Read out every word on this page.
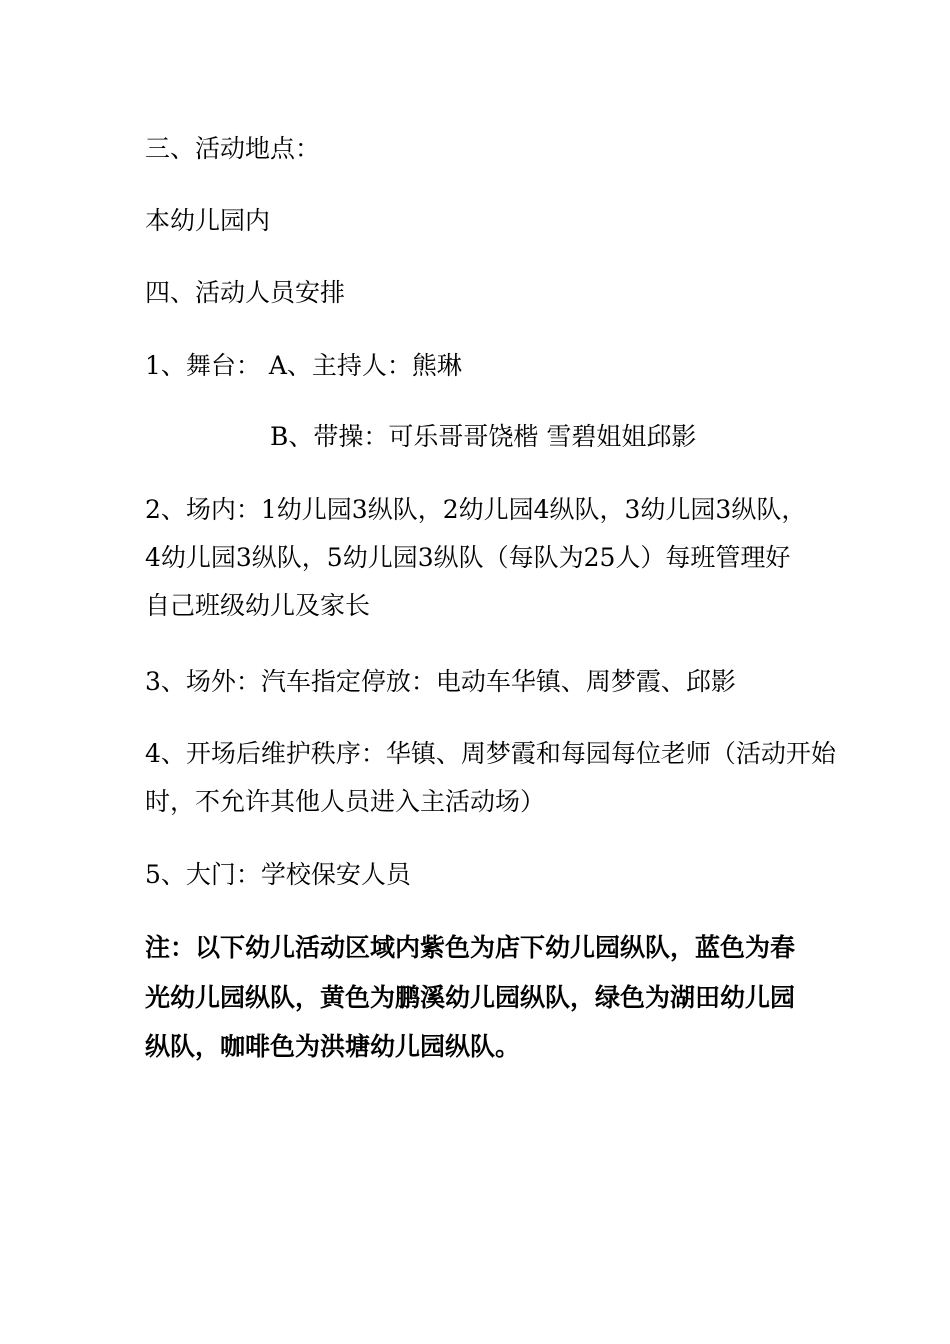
三、活动地点：
本幼儿园内
四、活动人员安排
1、舞台： A、主持人：熊琳
B、带操：可乐哥哥饶楷 雪碧姐姐邱影
2、场内：1幼儿园3纵队，2幼儿园4纵队，3幼儿园3纵队，
4幼儿园3纵队，5幼儿园3纵队（每队为25人）每班管理好
自己班级幼儿及家长
3、场外：汽车指定停放：电动车华镇、周梦霞、邱影
4、开场后维护秩序：华镇、周梦霞和每园每位老师（活动开始
时，不允许其他人员进入主活动场）
5、大门：学校保安人员
注：以下幼儿活动区域内紫色为店下幼儿园纵队，蓝色为春
光幼儿园纵队，黄色为鹏溪幼儿园纵队，绿色为湖田幼儿园
纵队，咖啡色为洪塘幼儿园纵队。
